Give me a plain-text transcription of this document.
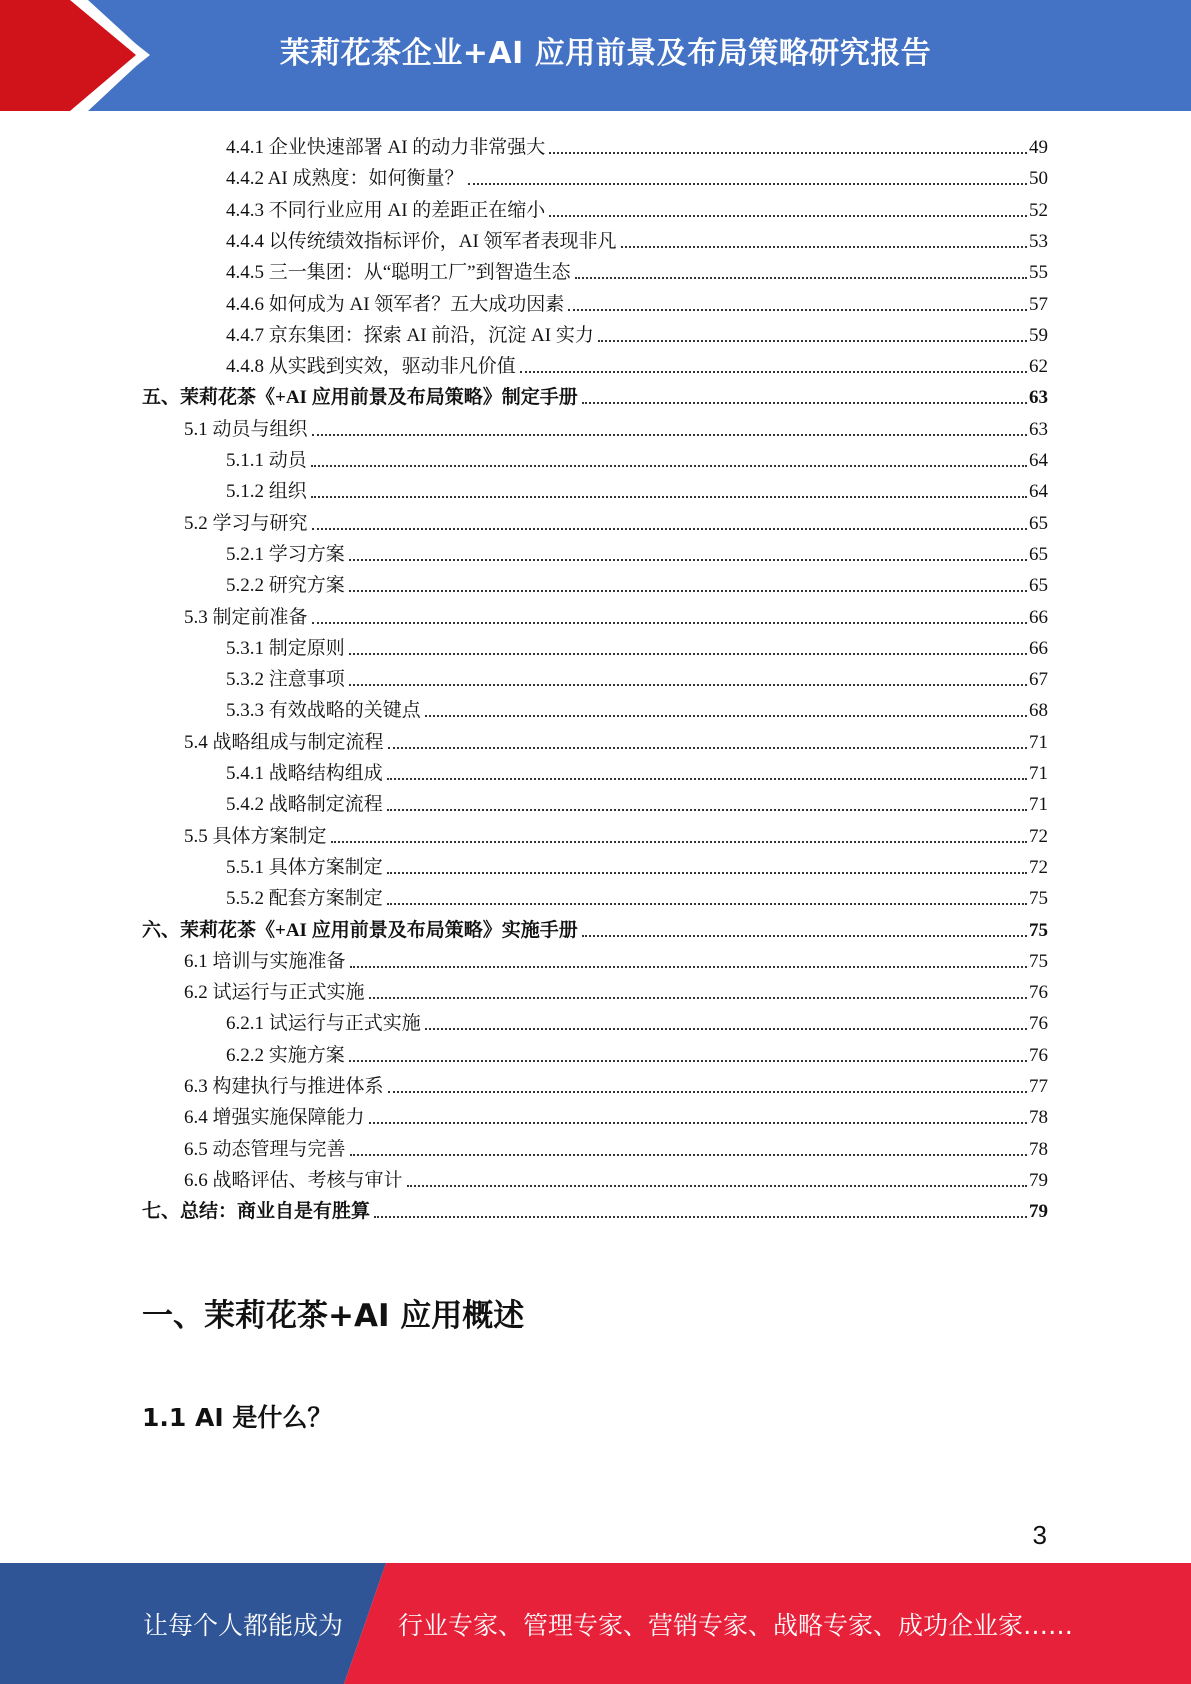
茉莉花茶企业+AI 应用前景及布局策略研究报告
4.4.1 企业快速部署 AI 的动力非常强大	49
4.4.2 AI 成熟度：如何衡量？	50
4.4.3 不同行业应用 AI 的差距正在缩小	52
4.4.4 以传统绩效指标评价，AI 领军者表现非凡	53
4.4.5 三一集团：从“聪明工厂”到智造生态	55
4.4.6 如何成为 AI 领军者？五大成功因素	57
4.4.7 京东集团：探索 AI 前沿，沉淀 AI 实力	59
4.4.8 从实践到实效，驱动非凡价值	62
五、茉莉花茶《+AI 应用前景及布局策略》制定手册	63
5.1 动员与组织	63
5.1.1 动员	64
5.1.2 组织	64
5.2 学习与研究	65
5.2.1 学习方案	65
5.2.2 研究方案	65
5.3 制定前准备	66
5.3.1 制定原则	66
5.3.2 注意事项	67
5.3.3 有效战略的关键点	68
5.4 战略组成与制定流程	71
5.4.1 战略结构组成	71
5.4.2 战略制定流程	71
5.5 具体方案制定	72
5.5.1 具体方案制定	72
5.5.2 配套方案制定	75
六、茉莉花茶《+AI 应用前景及布局策略》实施手册	75
6.1 培训与实施准备	75
6.2 试运行与正式实施	76
6.2.1 试运行与正式实施	76
6.2.2 实施方案	76
6.3 构建执行与推进体系	77
6.4 增强实施保障能力	78
6.5 动态管理与完善	78
6.6 战略评估、考核与审计	79
七、总结：商业自是有胜算	79
一、茉莉花茶+AI 应用概述
1.1 AI 是什么？
3
让每个人都能成为 行业专家、管理专家、营销专家、战略专家、成功企业家……
